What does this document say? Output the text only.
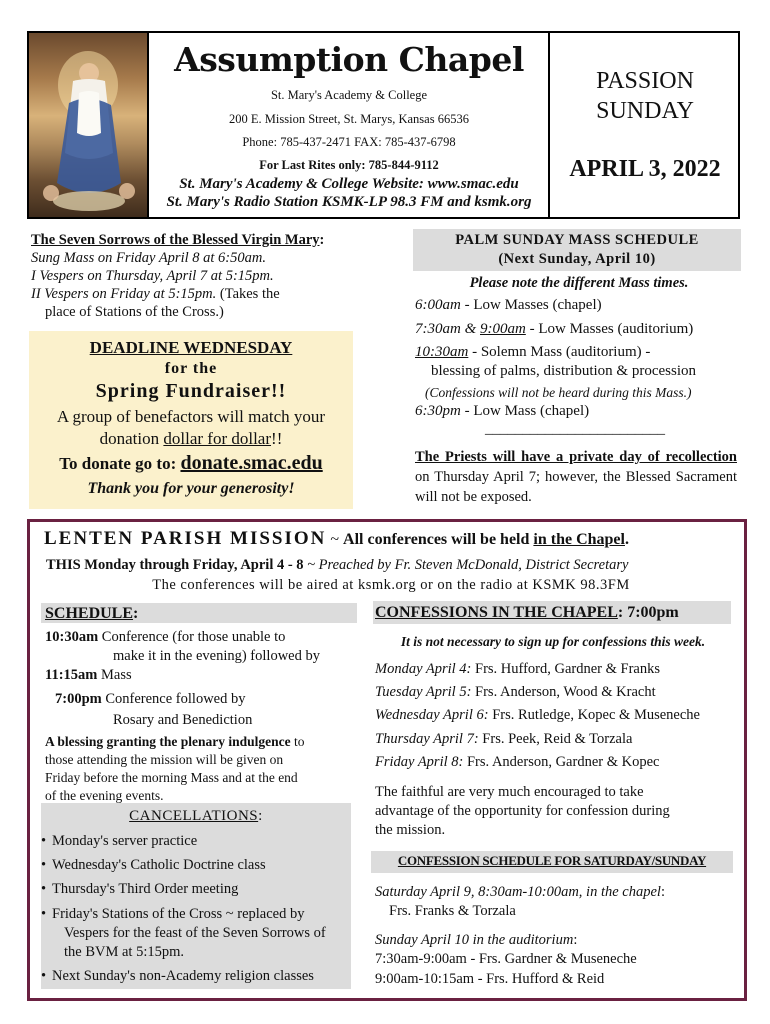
Assumption Chapel
St. Mary's Academy & College
200 E. Mission Street, St. Marys, Kansas 66536
Phone: 785-437-2471 FAX: 785-437-6798
For Last Rites only: 785-844-9112
St. Mary's Academy & College Website: www.smac.edu
St. Mary's Radio Station KSMK-LP 98.3 FM and ksmk.org
PASSION
SUNDAY
APRIL 3, 2022
The Seven Sorrows of the Blessed Virgin Mary:
Sung Mass on Friday April 8 at 6:50am.
I Vespers on Thursday, April 7 at 5:15pm.
II Vespers on Friday at 5:15pm. (Takes the
place of Stations of the Cross.)
DEADLINE WEDNESDAY
for the
Spring Fundraiser!!
A group of benefactors will match your
donation dollar for dollar!!
To donate go to: donate.smac.edu
Thank you for your generosity!
PALM SUNDAY MASS SCHEDULE
(Next Sunday, April 10)
Please note the different Mass times.
6:00am - Low Masses (chapel)
7:30am & 9:00am - Low Masses (auditorium)
10:30am - Solemn Mass (auditorium) -
blessing of palms, distribution & procession
(Confessions will not be heard during this Mass.)
6:30pm - Low Mass (chapel)
________________________
The Priests will have a private day of recollection on Thursday April 7; however, the Blessed Sacrament will not be exposed.
LENTEN PARISH MISSION ~ All conferences will be held in the Chapel.
THIS Monday through Friday, April 4 - 8 ~ Preached by Fr. Steven McDonald, District Secretary
The conferences will be aired at ksmk.org or on the radio at KSMK 98.3FM
SCHEDULE:
10:30am Conference (for those unable to
make it in the evening) followed by
11:15am Mass
7:00pm Conference followed by
Rosary and Benediction
A blessing granting the plenary indulgence to
those attending the mission will be given on
Friday before the morning Mass and at the end
of the evening events.
CANCELLATIONS:
• Monday's server practice
• Wednesday's Catholic Doctrine class
• Thursday's Third Order meeting
• Friday's Stations of the Cross ~ replaced by
Vespers for the feast of the Seven Sorrows of
the BVM at 5:15pm.
• Next Sunday's non-Academy religion classes
CONFESSIONS IN THE CHAPEL: 7:00pm
It is not necessary to sign up for confessions this week.
Monday April 4: Frs. Hufford, Gardner & Franks
Tuesday April 5: Frs. Anderson, Wood & Kracht
Wednesday April 6: Frs. Rutledge, Kopec & Museneche
Thursday April 7: Frs. Peek, Reid & Torzala
Friday April 8: Frs. Anderson, Gardner & Kopec
The faithful are very much encouraged to take
advantage of the opportunity for confession during
the mission.
CONFESSION SCHEDULE FOR SATURDAY/SUNDAY
Saturday April 9, 8:30am-10:00am, in the chapel:
Frs. Franks & Torzala
Sunday April 10 in the auditorium:
7:30am-9:00am - Frs. Gardner & Museneche
9:00am-10:15am - Frs. Hufford & Reid
